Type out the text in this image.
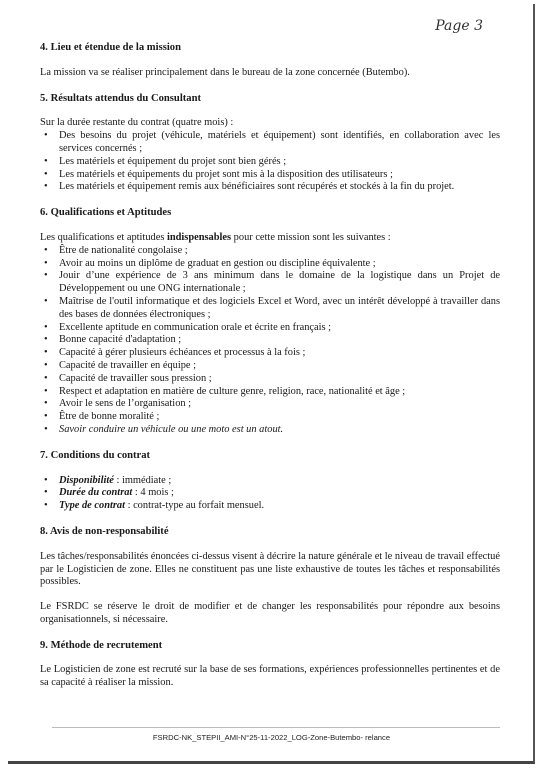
Page 3
4. Lieu et étendue de la mission

La mission va se réaliser principalement dans le bureau de la zone concernée (Butembo).

5. Résultats attendus du Consultant

Sur la durée restante du contrat (quatre mois) :

• Des besoins du projet (véhicule, matériels et équipement) sont identifiés, en collaboration avec les services concernés ;
• Les matériels et équipement du projet sont bien gérés ;
• Les matériels et équipements du projet sont mis à la disposition des utilisateurs ;
• Les matériels et équipement remis aux bénéficiaires sont récupérés et stockés à la fin du projet.
6. Qualifications et Aptitudes

Les qualifications et aptitudes indispensables pour cette mission sont les suivantes :

• Être de nationalité congolaise ;
• Avoir au moins un diplôme de graduat en gestion ou discipline équivalente ;
• Jouir d’une expérience de 3 ans minimum dans le domaine de la logistique dans un Projet de Développement ou une ONG internationale ;
• Maîtrise de l'outil informatique et des logiciels Excel et Word, avec un intérêt développé à travailler dans des bases de données électroniques ;
• Excellente aptitude en communication orale et écrite en français ;
• Bonne capacité d'adaptation ;
• Capacité à gérer plusieurs échéances et processus à la fois ;
• Capacité de travailler en équipe ;
• Capacité de travailler sous pression ;
• Respect et adaptation en matière de culture genre, religion, race, nationalité et âge ;
• Avoir le sens de l’organisation ;
• Être de bonne moralité ;
• Savoir conduire un véhicule ou une moto est un atout.
7. Conditions du contrat
• Disponibilité : immédiate ;
• Durée du contrat : 4 mois ;
• Type de contrat : contrat-type au forfait mensuel.
8. Avis de non-responsabilité

Les tâches/responsabilités énoncées ci-dessus visent à décrire la nature générale et le niveau de travail effectué par le Logisticien de zone. Elles ne constituent pas une liste exhaustive de toutes les tâches et responsabilités possibles.

Le FSRDC se réserve le droit de modifier et de changer les responsabilités pour répondre aux besoins organisationnels, si nécessaire.

9. Méthode de recrutement

Le Logisticien de zone est recruté sur la base de ses formations, expériences professionnelles pertinentes et de sa capacité à réaliser la mission.

FSRDC-NK_STEPII_AMI-N°25-11-2022_LOG-Zone-Butembo- relance
